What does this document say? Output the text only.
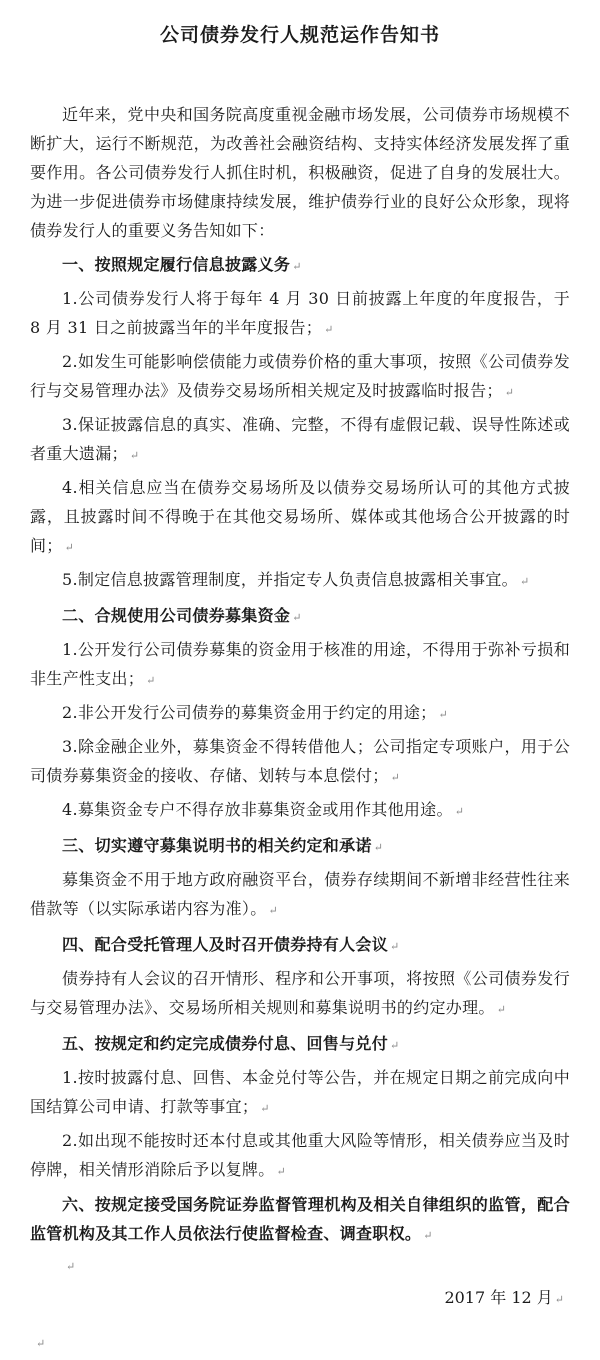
公司债券发行人规范运作告知书

近年来，党中央和国务院高度重视金融市场发展，公司债券市场规模不断扩大，运行不断规范，为改善社会融资结构、支持实体经济发展发挥了重要作用。各公司债券发行人抓住时机，积极融资，促进了自身的发展壮大。为进一步促进债券市场健康持续发展，维护债券行业的良好公众形象，现将债券发行人的重要义务告知如下：

一、按照规定履行信息披露义务 ↵

1.公司债券发行人将于每年 4 月 30 日前披露上年度的年度报告，于 8 月 31 日之前披露当年的半年度报告； ↵

2.如发生可能影响偿债能力或债券价格的重大事项，按照《公司债券发行与交易管理办法》及债券交易场所相关规定及时披露临时报告； ↵

3.保证披露信息的真实、准确、完整，不得有虚假记载、误导性陈述或者重大遗漏； ↵

4.相关信息应当在债券交易场所及以债券交易场所认可的其他方式披露，且披露时间不得晚于在其他交易场所、媒体或其他场合公开披露的时间； ↵

5.制定信息披露管理制度，并指定专人负责信息披露相关事宜。 ↵

二、合规使用公司债券募集资金 ↵

1.公开发行公司债券募集的资金用于核准的用途，不得用于弥补亏损和非生产性支出； ↵

2.非公开发行公司债券的募集资金用于约定的用途； ↵

3.除金融企业外，募集资金不得转借他人；公司指定专项账户，用于公司债券募集资金的接收、存储、划转与本息偿付； ↵

4.募集资金专户不得存放非募集资金或用作其他用途。 ↵

三、切实遵守募集说明书的相关约定和承诺 ↵

募集资金不用于地方政府融资平台，债券存续期间不新增非经营性往来借款等（以实际承诺内容为准）。 ↵

四、配合受托管理人及时召开债券持有人会议 ↵

债券持有人会议的召开情形、程序和公开事项，将按照《公司债券发行与交易管理办法》、交易场所相关规则和募集说明书的约定办理。 ↵

五、按规定和约定完成债券付息、回售与兑付 ↵

1.按时披露付息、回售、本金兑付等公告，并在规定日期之前完成向中国结算公司申请、打款等事宜； ↵

2.如出现不能按时还本付息或其他重大风险等情形，相关债券应当及时停牌，相关情形消除后予以复牌。 ↵

六、按规定接受国务院证券监督管理机构及相关自律组织的监管，配合监管机构及其工作人员依法行使监督检查、调查职权。 ↵

↵
2017 年 12 月 ↵
↵
